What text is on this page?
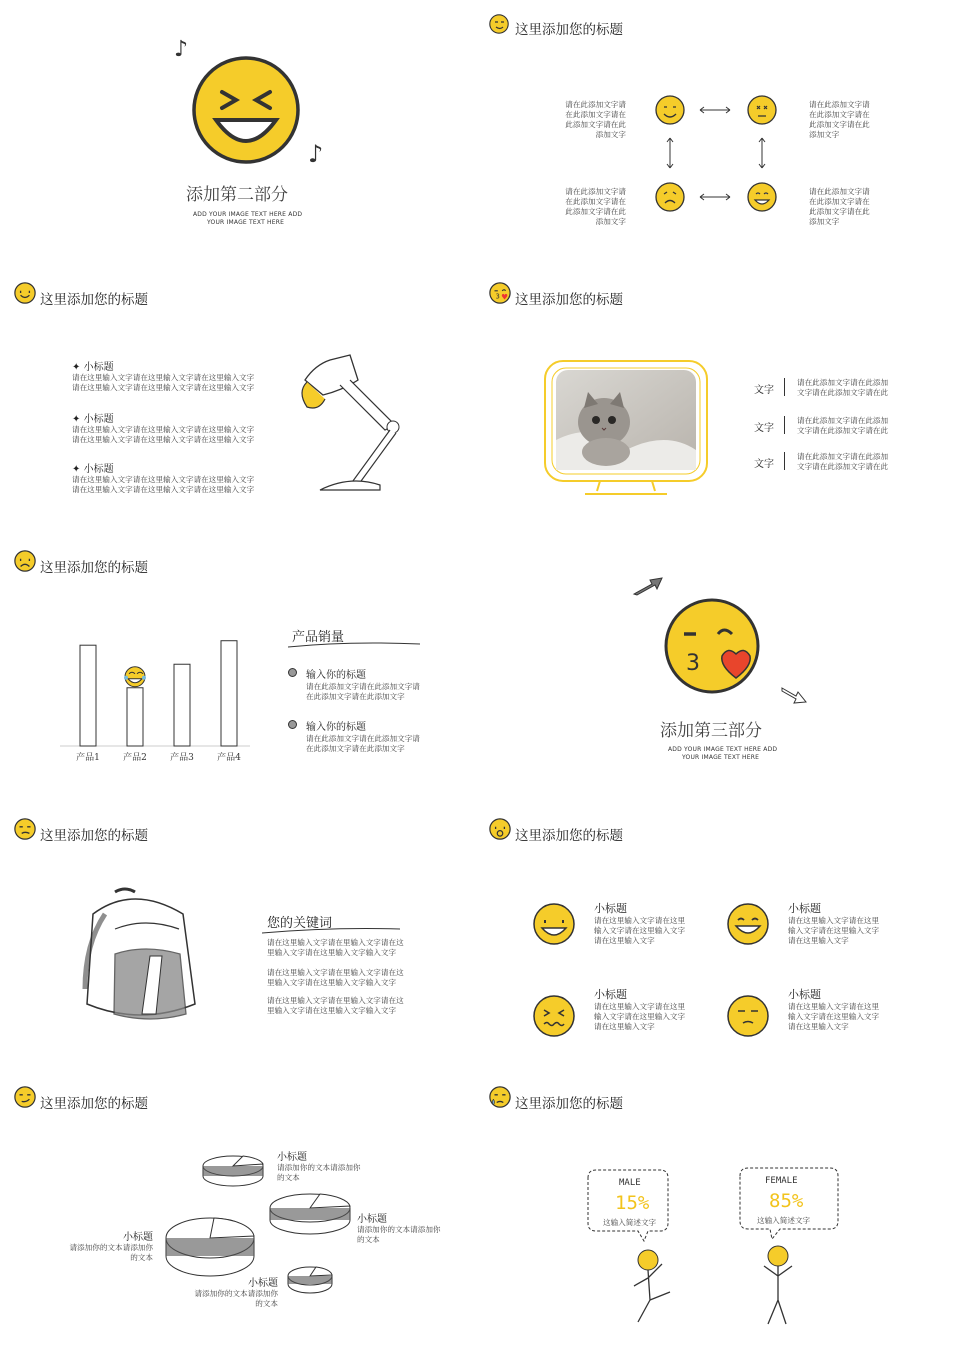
♪
♪
添加第二部分
ADD YOUR IMAGE TEXT HERE ADD
YOUR IMAGE TEXT HERE
这里添加您的标题
请在此添加文字请
在此添加文字请在
此添加文字请在此
添加文字
请在此添加文字请
在此添加文字请在
此添加文字请在此
添加文字
请在此添加文字请
在此添加文字请在
此添加文字请在此
添加文字
请在此添加文字请
在此添加文字请在
此添加文字请在此
添加文字
这里添加您的标题
✦ 小标题
请在这里输入文字请在这里输入文字请在这里输入文字
请在这里输入文字请在这里输入文字请在这里输入文字
✦ 小标题
请在这里输入文字请在这里输入文字请在这里输入文字
请在这里输入文字请在这里输入文字请在这里输入文字
✦ 小标题
请在这里输入文字请在这里输入文字请在这里输入文字
请在这里输入文字请在这里输入文字请在这里输入文字
3 ♥ 这里添加您的标题
文字
请在此添加文字请在此添加
文字请在此添加文字请在此
文字
请在此添加文字请在此添加
文字请在此添加文字请在此
文字
请在此添加文字请在此添加
文字请在此添加文字请在此
这里添加您的标题
产品1	产品2	产品3	产品4
产品销量
输入你的标题
请在此添加文字请在此添加文字请
在此添加文字请在此添加文字
输入你的标题
请在此添加文字请在此添加文字请
在此添加文字请在此添加文字
3
添加第三部分
ADD YOUR IMAGE TEXT HERE ADD
YOUR IMAGE TEXT HERE
这里添加您的标题
您的关键词
请在这里输入文字请在里输入文字请在这
里输入文字请在这里输入文字输入文字
请在这里输入文字请在里输入文字请在这
里输入文字请在这里输入文字输入文字
请在这里输入文字请在里输入文字请在这
里输入文字请在这里输入文字输入文字
这里添加您的标题
小标题
请在这里输入文字请在这里
输入文字请在这里输入文字
请在这里输入文字
小标题
请在这里输入文字请在这里
输入文字请在这里输入文字
请在这里输入文字
小标题
请在这里输入文字请在这里
输入文字请在这里输入文字
请在这里输入文字
小标题
请在这里输入文字请在这里
输入文字请在这里输入文字
请在这里输入文字
这里添加您的标题
小标题
请添加你的文本请添加你
的文本
小标题
请添加你的文本请添加你
的文本
小标题
请添加你的文本请添加你
的文本
小标题
请添加你的文本请添加你
的文本
这里添加您的标题
MALE
15%
这输入简述文字
FEMALE
85%
这输入简述文字
